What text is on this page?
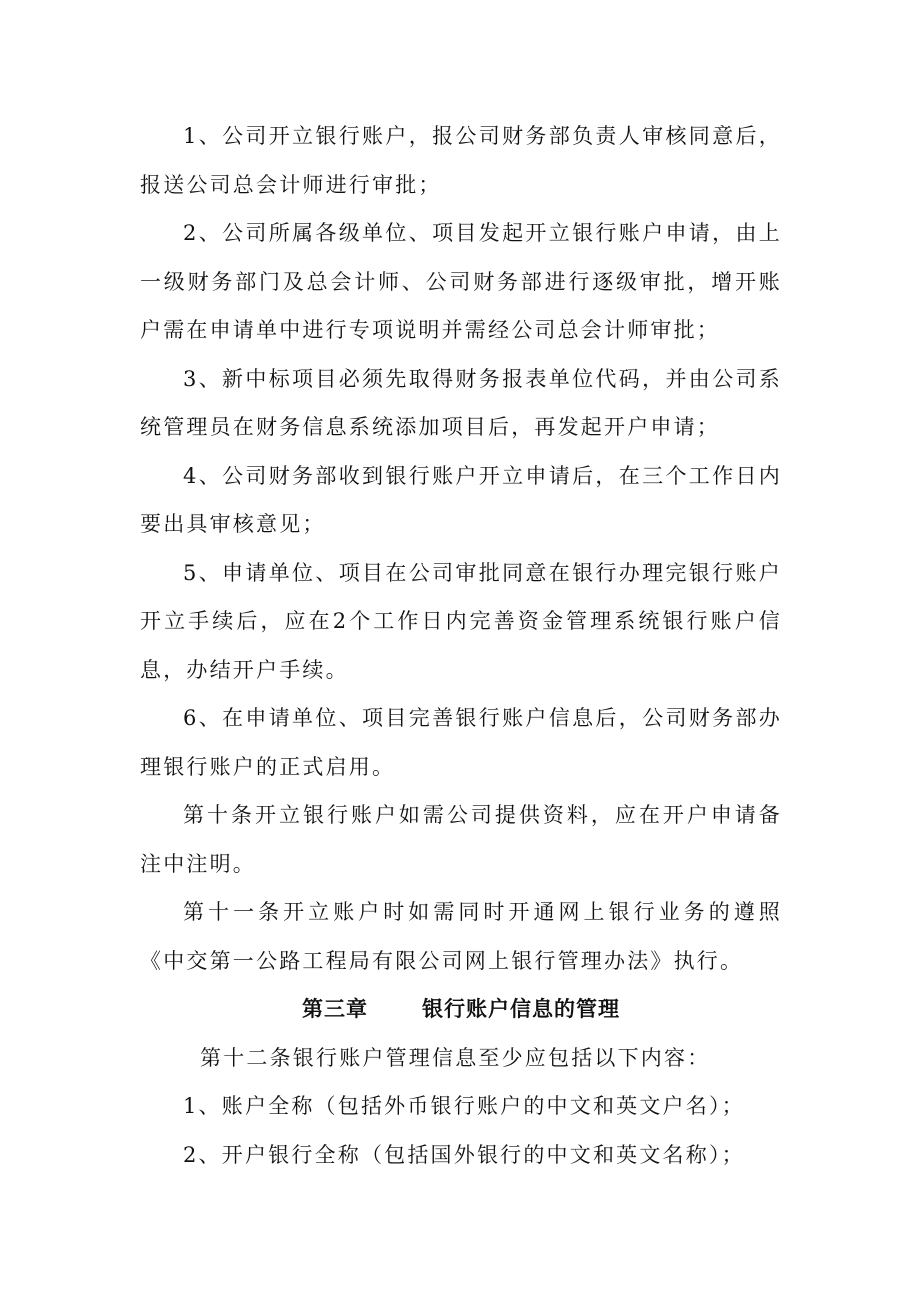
1、公司开立银行账户，报公司财务部负责人审核同意后，报送公司总会计师进行审批；

2、公司所属各级单位、项目发起开立银行账户申请，由上一级财务部门及总会计师、公司财务部进行逐级审批，增开账户需在申请单中进行专项说明并需经公司总会计师审批；

3、新中标项目必须先取得财务报表单位代码，并由公司系统管理员在财务信息系统添加项目后，再发起开户申请；

4、公司财务部收到银行账户开立申请后，在三个工作日内要出具审核意见；

5、申请单位、项目在公司审批同意在银行办理完银行账户开立手续后，应在2个工作日内完善资金管理系统银行账户信息，办结开户手续。

6、在申请单位、项目完善银行账户信息后，公司财务部办理银行账户的正式启用。

第十条开立银行账户如需公司提供资料，应在开户申请备注中注明。

第十一条开立账户时如需同时开通网上银行业务的遵照《中交第一公路工程局有限公司网上银行管理办法》执行。

第三章	银行账户信息的管理

第十二条银行账户管理信息至少应包括以下内容：

1、账户全称（包括外币银行账户的中文和英文户名）；

2、开户银行全称（包括国外银行的中文和英文名称）；
